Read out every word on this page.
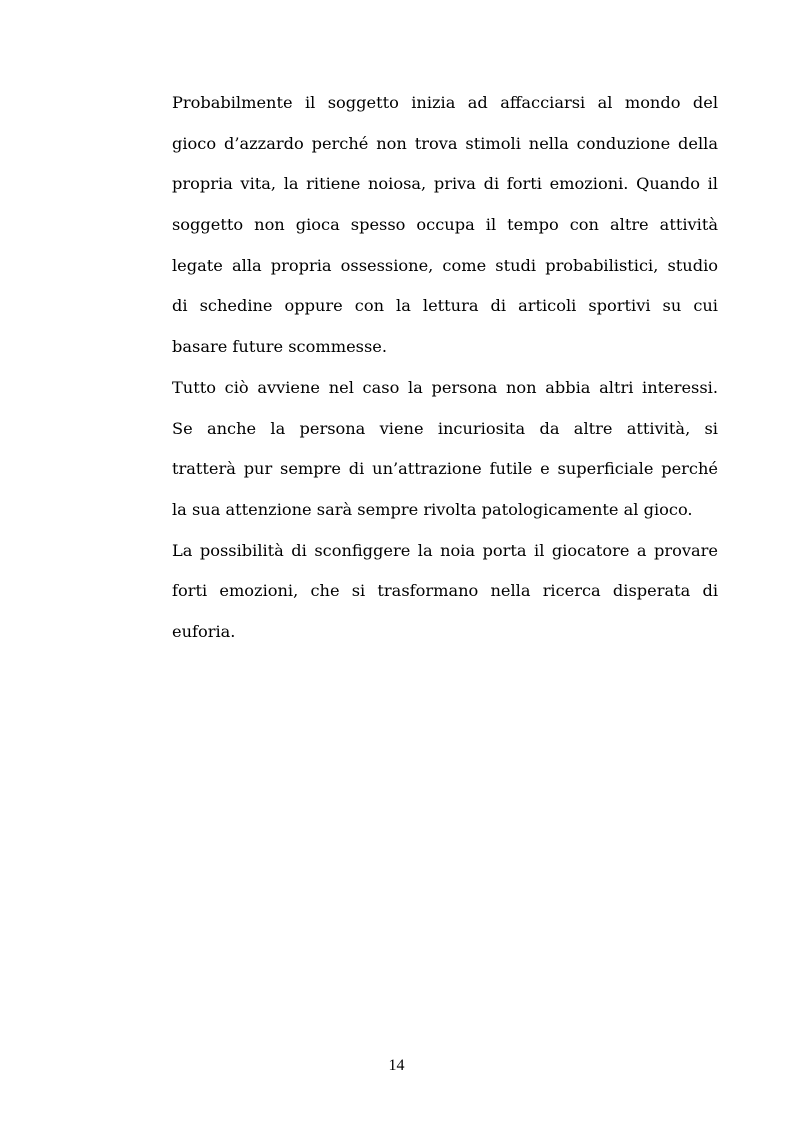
Probabilmente il soggetto inizia ad affacciarsi al mondo del
gioco d’azzardo perché non trova stimoli nella conduzione della
propria vita, la ritiene noiosa, priva di forti emozioni. Quando il
soggetto non gioca spesso occupa il tempo con altre attività
legate alla propria ossessione, come studi probabilistici, studio
di schedine oppure con la lettura di articoli sportivi su cui
basare future scommesse.
Tutto ciò avviene nel caso la persona non abbia altri interessi.
Se anche la persona viene incuriosita da altre attività, si
tratterà pur sempre di un’attrazione futile e superficiale perché
la sua attenzione sarà sempre rivolta patologicamente al gioco.
La possibilità di sconfiggere la noia porta il giocatore a provare
forti emozioni, che si trasformano nella ricerca disperata di
euforia.
14
